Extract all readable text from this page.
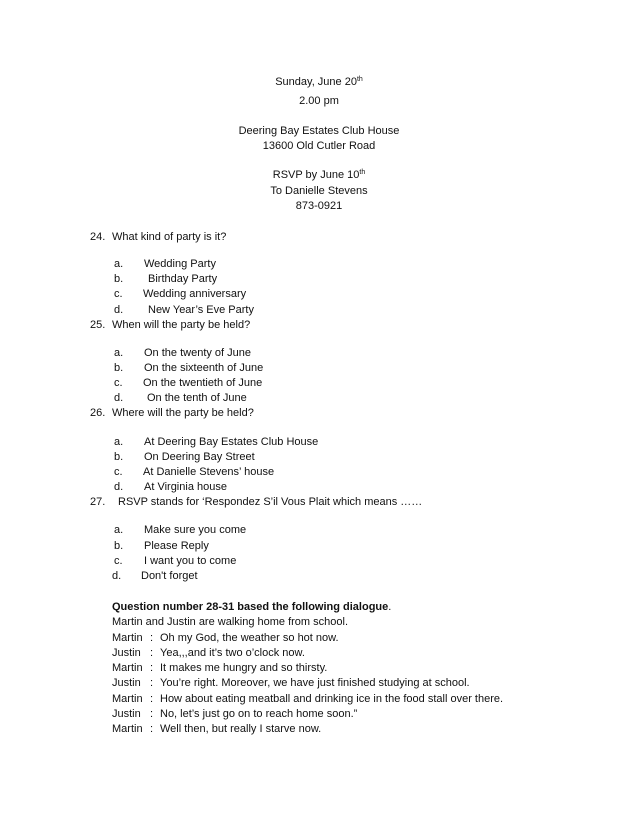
Sunday, June 20th
2.00 pm
Deering Bay Estates Club House
13600 Old Cutler Road
RSVP by June 10th
To Danielle Stevens
873-0921
24. What kind of party is it?
a. Wedding Party
b. Birthday Party
c. Wedding anniversary
d. New Year’s Eve Party
25. When will the party be held?
a. On the twenty of June
b. On the sixteenth of June
c. On the twentieth of June
d. On the tenth of June
26. Where will the party be held?
a. At Deering Bay Estates Club House
b. On Deering Bay Street
c. At Danielle Stevens’ house
d. At Virginia house
27.	RSVP stands for ‘Respondez S’il Vous Plait which means ……
a. Make sure you come
b. Please Reply
c. I want you to come
d. Don't forget
Question number 28-31 based the following dialogue.
Martin and Justin are walking home from school.
Martin : Oh my God, the weather so hot now.
Justin : Yea,,,and it’s two o’clock now.
Martin : It makes me hungry and so thirsty.
Justin : You’re right. Moreover, we have just finished studying at school.
Martin : How about eating meatball and drinking ice in the food stall over there.
Justin : No, let’s just go on to reach home soon.”
Martin : Well then, but really I starve now.
